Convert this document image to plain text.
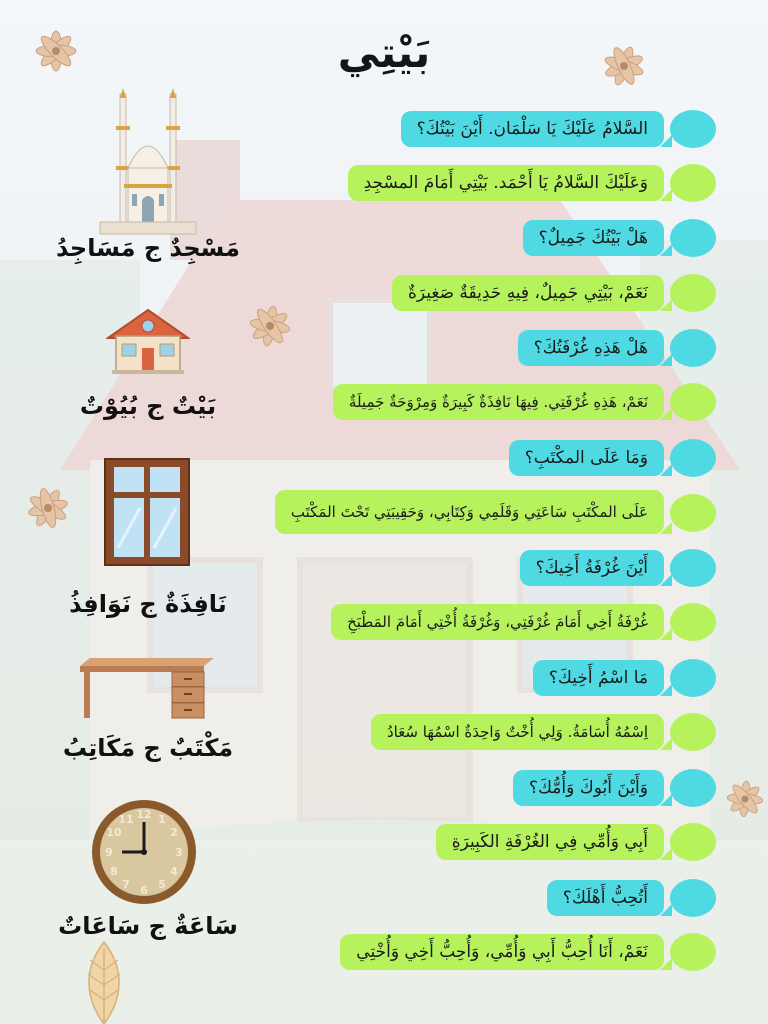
بَيْتِي
مَسْجِدٌ ج مَسَاجِدُ
بَيْتٌ ج بُيُوْتٌ
نَافِذَةٌ ج نَوَافِذُ
مَكْتَبٌ ج مَكَاتِبُ
12 1
2
3
4
5
6
7
8
9
10
11
سَاعَةٌ ج سَاعَاتٌ
السَّلامُ عَلَيْكَ يَا سَلْمَان. أَيْنَ بَيْتُكَ؟
وَعَلَيْكَ السَّلامُ يَا أَحْمَد. بَيْتِي أَمَامَ المسْجِدِ
هَلْ بَيْتُكَ جَمِيلٌ؟
نَعَمْ، بَيْتِي جَمِيلٌ، فِيهِ حَدِيقَةٌ صَغِيرَةٌ
هَلْ هَذِهِ غُرْفَتُكَ؟
نَعَمْ، هَذِهِ غُرْفَتِي. فِيهَا نَافِذَةٌ كَبِيرَةٌ وَمِرْوَحَةٌ جَمِيلَةٌ
وَمَا عَلَى المكْتَبِ؟
عَلَى المكْتَبِ سَاعَتِي وَقَلَمِي وَكِتَابِي، وَحَقِيبَتِي تَحْتَ المَكْتَبِ
أَيْنَ غُرْفَةُ أَخِيكَ؟
غُرْفَةُ أَخِي أَمَامَ غُرْفَتِي، وَغُرْفَةُ أُخْتِي أَمَامَ المَطْبَخِ
مَا اسْمُ أَخِيكَ؟
اِسْمُهُ أُسَامَةُ. وَلِي أُخْتٌ وَاحِدَةٌ اسْمُهَا سُعَادُ
وَأَيْنَ أَبُوكَ وَأُمُّكَ؟
أَبِي وَأُمِّي فِي الغُرْفَةِ الكَبِيرَةِ
أَتُحِبُّ أَهْلَكَ؟
نَعَمْ، أَنَا أُحِبُّ أَبِي وَأُمِّي، وَأُحِبُّ أَخِي وَأُخْتِي
